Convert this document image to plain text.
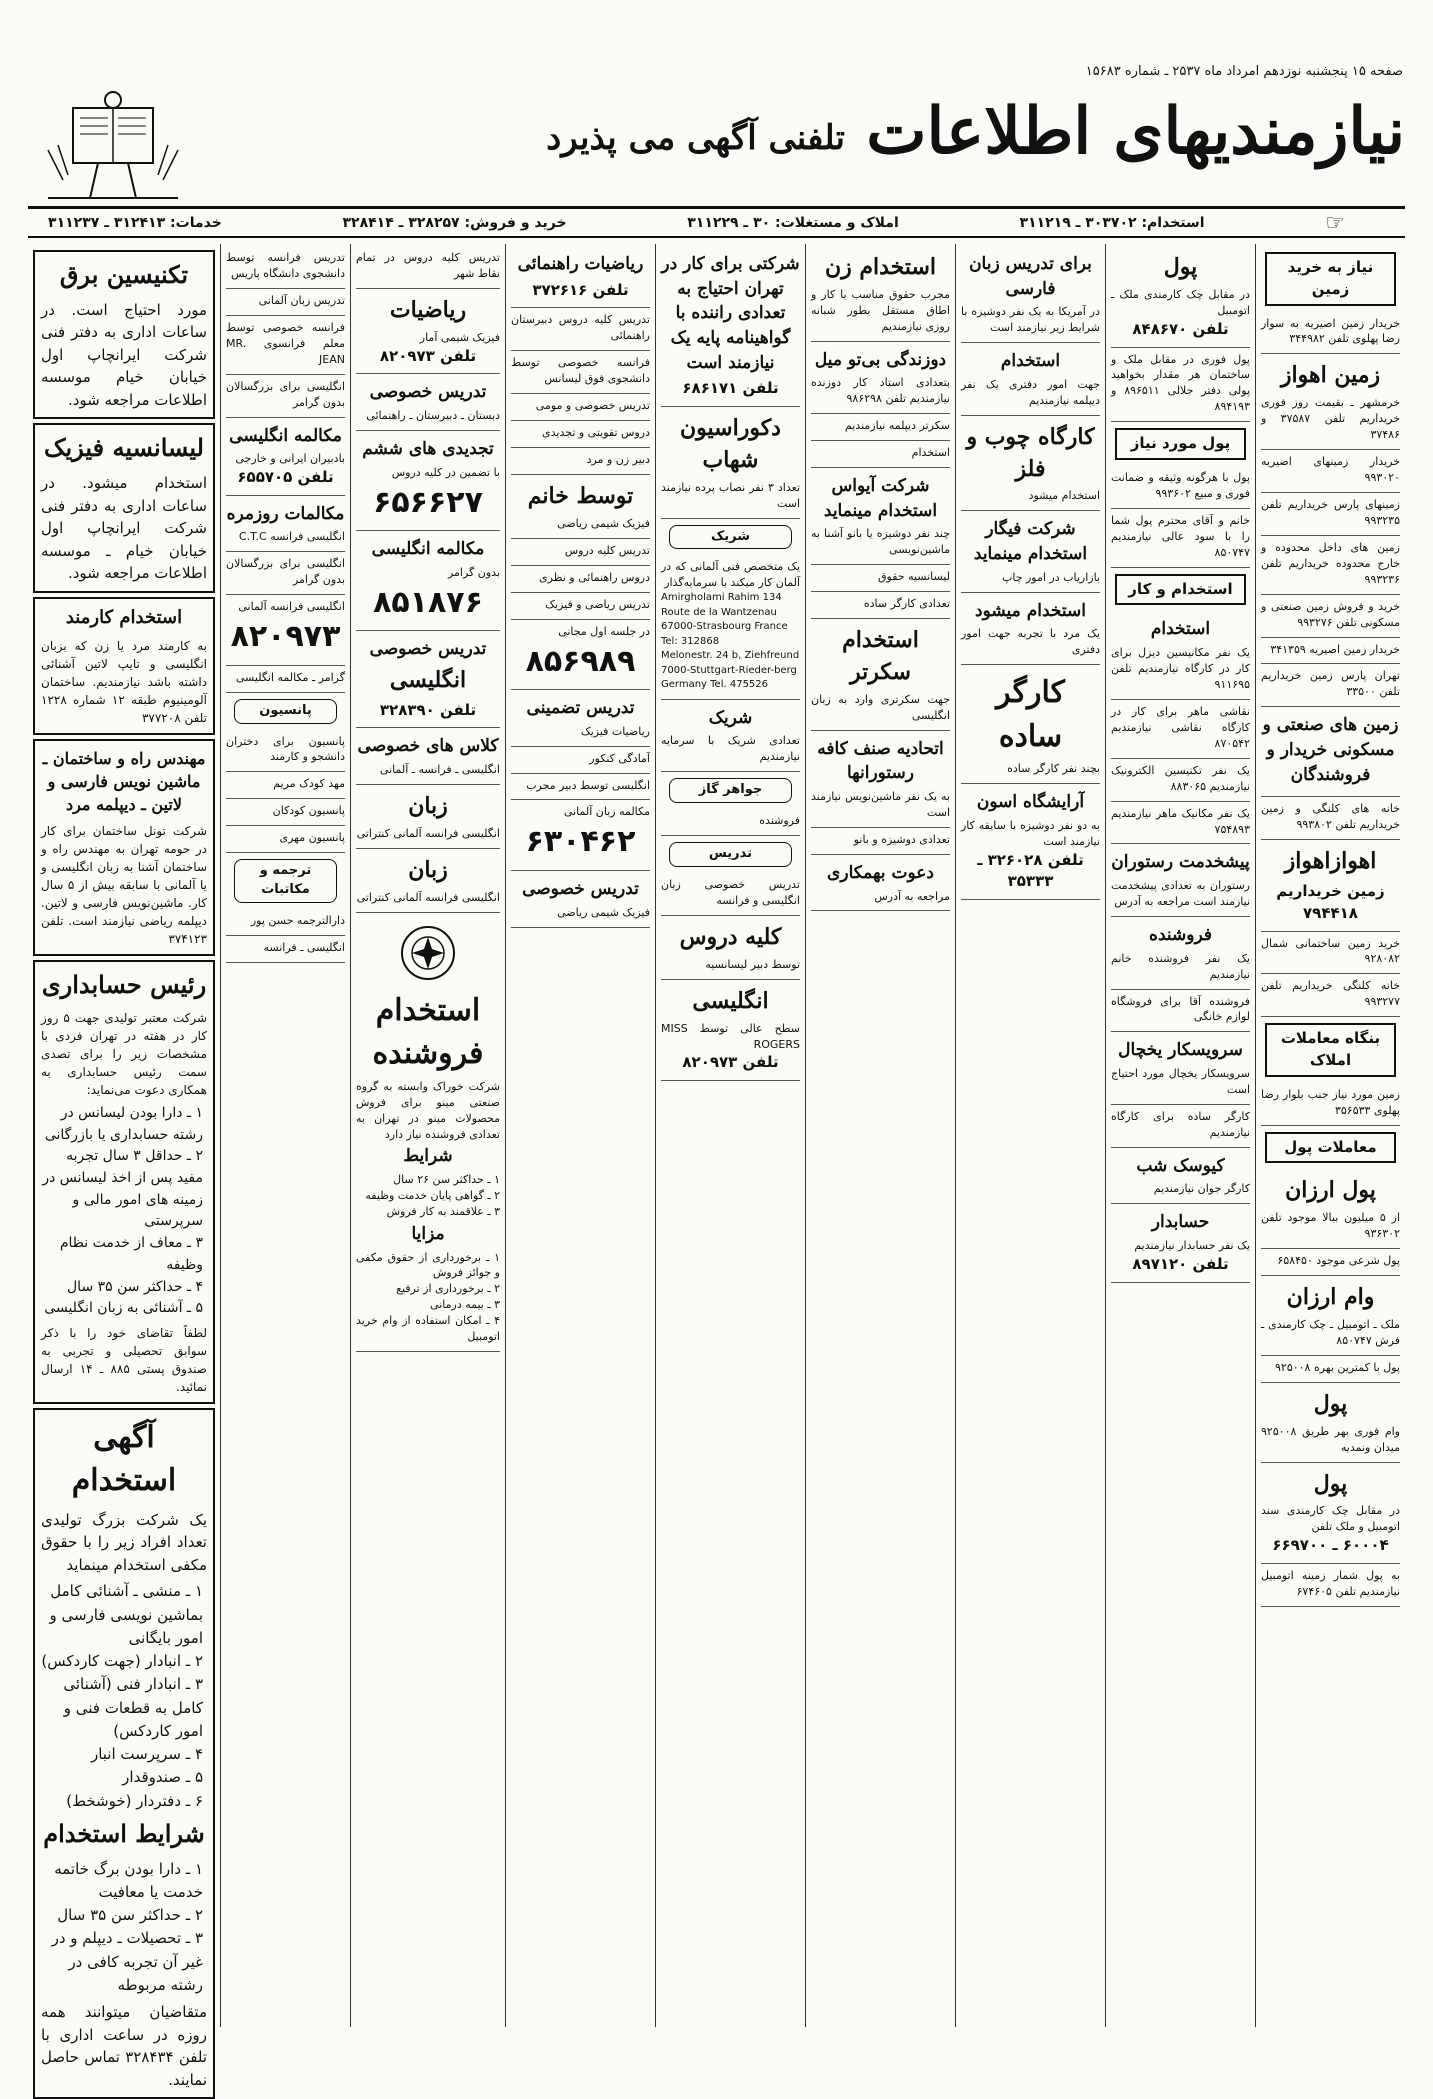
صفحه ۱۵ پنجشنبه نوزدهم امرداد ماه ۲۵۳۷ ـ شماره ۱۵۶۸۳
نیازمندیهای اطلاعات
تلفنی آگهی می پذیرد
☞
استخدام: ۳۰۳۷۰۲ ـ ۳۱۱۲۱۹
املاک و مستغلات: ۳۰ ـ ۳۱۱۲۲۹
خرید و فروش: ۳۲۸۲۵۷ ـ ۳۲۸۴۱۴
خدمات: ۳۱۲۴۱۳ ـ ۳۱۱۲۳۷
نیاز به خرید زمین
خریدار زمین اصیریه به سوار رضا پهلوی تلفن ۳۴۴۹۸۲
زمین اهواز
خرمشهر ـ بقیمت روز فوری خریداریم تلفن ۳۷۵۸۷ و ۳۷۴۸۶
خریدار زمینهای اصیریه ۹۹۳۰۲۰
زمینهای پارس خریداریم تلفن ۹۹۳۲۳۵
زمین های داخل محدوده و خارج محدوده خریداریم تلفن ۹۹۳۲۳۶
خرید و فروش زمین صنعتی و مسکونی تلفن ۹۹۳۲۷۶
خریدار زمین اصیریه ۳۴۱۳۵۹
تهران پارس زمین خریداریم تلفن ۳۳۵۰۰
زمین های صنعتی و مسکونی خریدار و فروشندگان
خانه های کلنگی و زمین خریداریم تلفن ۹۹۳۸۰۲
اهوازاهواز
زمین خریداریم ۷۹۴۴۱۸
خرید زمین ساختمانی شمال ۹۲۸۰۸۲
خانه کلنگی خریداریم تلفن ۹۹۳۲۷۷
بنگاه معاملات املاک
زمین مورد نیاز جنب بلوار رضا پهلوی ۳۵۶۵۳۳
معاملات پول
پول ارزان
از ۵ میلیون ببالا موجود تلفن ۹۳۶۳۰۲
پول شرعی موجود ۶۵۸۴۵۰
وام ارزان
ملک ـ اتومبیل ـ چک کارمندی ـ فرش ۸۵۰۷۴۷
پول با کمترین بهره ۹۲۵۰۰۸
پول
وام فوری بهر طریق ۹۲۵۰۰۸ میدان ونمدیه
پول
در مقابل چک کارمندی سند اتومبیل و ملک تلفن
۶۰۰۰۴ ـ ۶۶۹۷۰۰
به پول شمار زمینه اتومبیل نیازمندیم تلفن ۶۷۴۶۰۵
پول
در مقابل چک کارمندی ملک ـ اتومبیل
تلفن ۸۴۸۶۷۰
پول فوری در مقابل ملک و ساختمان هر مقدار بخواهید پولی دفتر جلالی ۸۹۶۵۱۱ و ۸۹۴۱۹۳
پول مورد نیاز
پول با هرگونه وثیقه و ضمانت فوری و مبیع ۹۹۳۶۰۲
خانم و آقای محترم پول شما را با سود عالی نیازمندیم ۸۵۰۷۴۷
استخدام و کار
استخدام
یک نفر مکانیسین دیزل برای کار در کارگاه نیازمندیم تلفن ۹۱۱۶۹۵
نقاشی ماهر برای کار در کارگاه نقاشی نیازمندیم ۸۷۰۵۴۲
یک نفر تکنیسین الکترونیک نیازمندیم ۸۸۳۰۶۵
یک نفر مکانیک ماهر نیازمندیم ۷۵۴۸۹۳
پیشخدمت رستوران
رستوران به تعدادی پیشخدمت نیازمند است مراجعه به آدرس
فروشنده
یک نفر فروشنده خانم نیازمندیم
فروشنده آقا برای فروشگاه لوازم خانگی
سرویسکار یخچال
سرویسکار یخچال مورد احتیاج است
کارگر ساده برای کارگاه نیازمندیم
کیوسک شب
کارگر جوان نیازمندیم
حسابدار
یک نفر حسابدار نیازمندیم
تلفن ۸۹۷۱۲۰
برای تدریس زبان فارسی
در آمریکا به یک نفر دوشیزه با شرایط زیر نیازمند است
استخدام
جهت امور دفتری یک نفر دیپلمه نیازمندیم
کارگاه چوب و فلز
استخدام میشود
شرکت فیگار استخدام مینماید
بازاریاب در امور چاپ
استخدام میشود
یک مرد با تجربه جهت امور دفتری
کارگر ساده
بچند نفر کارگر ساده
آرایشگاه اسون
به دو نفر دوشیزه با سابقه کار نیازمند است
تلفن ۳۲۶۰۲۸ ـ ۳۵۳۳۳
استخدام زن
مجرب حقوق مناسب با کار و اطاق مستقل بطور شبانه روزی نیازمندیم
دوزندگی بی‌تو میل
بتعدادی استاد کار دوزنده نیازمندیم تلفن ۹۸۶۲۹۸
سکرتر دیپلمه نیازمندیم
استخدام
شرکت آیواس استخدام مینماید
چند نفر دوشیزه یا بانو آشنا به ماشین‌نویسی
لیسانسیه حقوق
تعدادی کارگر ساده
استخدام سکرتر
جهت سکرتری وارد به زبان انگلیسی
اتحادیه صنف کافه رستورانها
به یک نفر ماشین‌نویس نیازمند است
تعدادی دوشیزه و بانو
دعوت بهمکاری
مراجعه به آدرس
شرکتی برای کار در تهران احتیاج به تعدادی راننده با گواهینامه پایه یک نیازمند است
تلفن ۶۸۶۱۷۱
دکوراسیون شهاب
تعداد ۳ نفر نصاب پرده نیازمند است
شریک
یک متخصص فنی آلمانی که در آلمان کار میکند با سرمایه‌گذار
Amirgholami Rahim 134 Route de la Wantzenau 67000-Strasbourg France Tel: 312868
Melonestr. 24 b, Ziehfreund 7000-Stuttgart-Rieder-berg Germany Tel. 475526
شریک
تعدادی شریک با سرمایه نیازمندیم
جواهر گاز
فروشنده
تدریس
تدریس خصوصی زبان انگلیسی و فرانسه
کلیه دروس
توسط دبیر لیسانسیه
انگلیسی
سطح عالی توسط MISS ROGERS
تلفن ۸۲۰۹۷۳
ریاضیات راهنمائی
تلفن ۳۷۲۶۱۶
تدریس کلیه دروس دبیرستان راهنمائی
فرانسه خصوصی توسط دانشجوی فوق لیسانس
تدریس خصوصی و مومی
دروس تقویتی و تجدیدی
دبیر زن و مرد
توسط خانم
فیزیک شیمی ریاضی
تدریس کلیه دروس
دروس راهنمائی و نظری
تدریس ریاضی و فیزیک
در جلسه اول مجانی
۸۵۶۹۸۹
تدریس تضمینی
ریاضیات فیزیک
آمادگی کنکور
انگلیسی توسط دبیر مجرب
مکالمه زبان آلمانی
۶۳۰۴۶۲
تدریس خصوصی
فیزیک شیمی ریاضی
تدریس کلیه دروس در تمام نقاط شهر
ریاضیات
فیزیک شیمی آمار
تلفن ۸۲۰۹۷۳
تدریس خصوصی
دبستان ـ دبیرستان ـ راهنمائی
تجدیدی های ششم
با تضمین در کلیه دروس
۶۵۶۶۲۷
مکالمه انگلیسی
بدون گرامر
۸۵۱۸۷۶
تدریس خصوصی
انگلیسی
تلفن ۳۲۸۳۹۰
کلاس های خصوصی
انگلیسی ـ فرانسه ـ آلمانی
زبان
انگلیسی فرانسه آلمانی کنتراتی
زبان
انگلیسی فرانسه آلمانی کنتراتی
استخدام فروشنده
شرکت خوراک وابسته به گروه صنعتی مینو برای فروش محصولات مینو در تهران به تعدادی فروشنده نیاز دارد
شرایط
۱ ـ حداکثر سن ۲۶ سال
۲ ـ گواهی پایان خدمت وظیفه
۳ ـ علاقمند به کار فروش
مزایا
۱ ـ برخورداری از حقوق مکفی و جوائز فروش
۲ ـ برخورداری از ترفیع
۳ ـ بیمه درمانی
۴ ـ امکان استفاده از وام خرید اتومبیل
تدریس فرانسه توسط دانشجوی دانشگاه پاریس
تدریس زبان آلمانی
فرانسه خصوصی توسط معلم فرانسوی MR. JEAN
انگلیسی برای بزرگسالان بدون گرامر
مکالمه انگلیسی
بادبیران ایرانی و خارجی
تلفن ۶۵۵۷۰۵
مکالمات روزمره
انگلیسی فرانسه C.T.C
انگلیسی برای بزرگسالان بدون گرامر
انگلیسی فرانسه آلمانی
۸۲۰۹۷۳
گرامر ـ مکالمه انگلیسی
پانسیون
پانسیون برای دختران دانشجو و کارمند
مهد کودک مریم
پانسیون کودکان
پانسیون مهری
ترجمه و مکاتبات
دارالترجمه حسن پور
انگلیسی ـ فرانسه
تکنیسین برق

مورد احتیاج است. در ساعات اداری به دفتر فنی شرکت ایرانچاپ اول خیابان خیام موسسه اطلاعات مراجعه شود.

لیسانسیه فیزیک

استخدام میشود. در ساعات اداری به دفتر فنی شرکت ایرانچاپ اول خیابان خیام ـ موسسه اطلاعات مراجعه شود.

استخدام کارمند

به کارمند مرد یا زن که بزبان انگلیسی و تایپ لاتین آشنائی داشته باشد نیازمندیم. ساختمان آلومینیوم طبقه ۱۲ شماره ۱۲۲۸ تلفن ۳۷۷۲۰۸

مهندس راه و ساختمان ـ ماشین نویس فارسی و لاتین ـ دیپلمه مرد

شرکت تونل ساختمان برای کار در حومه تهران به مهندس راه و ساختمان آشنا به زبان انگلیسی و یا آلمانی با سابقه بیش از ۵ سال کار. ماشین‌نویس فارسی و لاتین. دیپلمه ریاضی نیازمند است. تلفن ۳۷۴۱۲۳

رئیس حسابداری

شرکت معتبر تولیدی جهت ۵ روز کار در هفته در تهران فردی با مشخصات زیر را برای تصدی سمت رئیس حسابداری به همکاری دعوت می‌نماید:

۱ ـ دارا بودن لیسانس در رشته حسابداری یا بازرگانی
۲ ـ حداقل ۳ سال تجربه مفید پس از اخذ لیسانس در زمینه های امور مالی و سرپرستی
۳ ـ معاف از خدمت نظام وظیفه
۴ ـ حداکثر سن ۳۵ سال
۵ ـ آشنائی به زبان انگلیسی

لطفاً تقاضای خود را با ذکر سوابق تحصیلی و تجربی به صندوق پستی ۸۸۵ ـ ۱۴ ارسال نمائید.

آگهی استخدام

یک شرکت بزرگ تولیدی تعداد افراد زیر را با حقوق مکفی استخدام مینماید

۱ ـ منشی ـ آشنائی کامل بماشین نویسی فارسی و امور بایگانی
۲ ـ انبادار (جهت کاردکس)
۳ ـ انبادار فنی (آشنائی کامل به قطعات فنی و امور کاردکس)
۴ ـ سرپرست انبار
۵ ـ صندوقدار
۶ ـ دفتردار (خوشخط)
شرایط استخدام
۱ ـ دارا بودن برگ خاتمه خدمت یا معافیت
۲ ـ حداکثر سن ۳۵ سال
۳ ـ تحصیلات ـ دیپلم و در غیر آن تجربه کافی در رشته مربوطه

متقاضیان میتوانند همه روزه در ساعت اداری با تلفن ۳۲۸۴۳۴ تماس حاصل نمایند.
